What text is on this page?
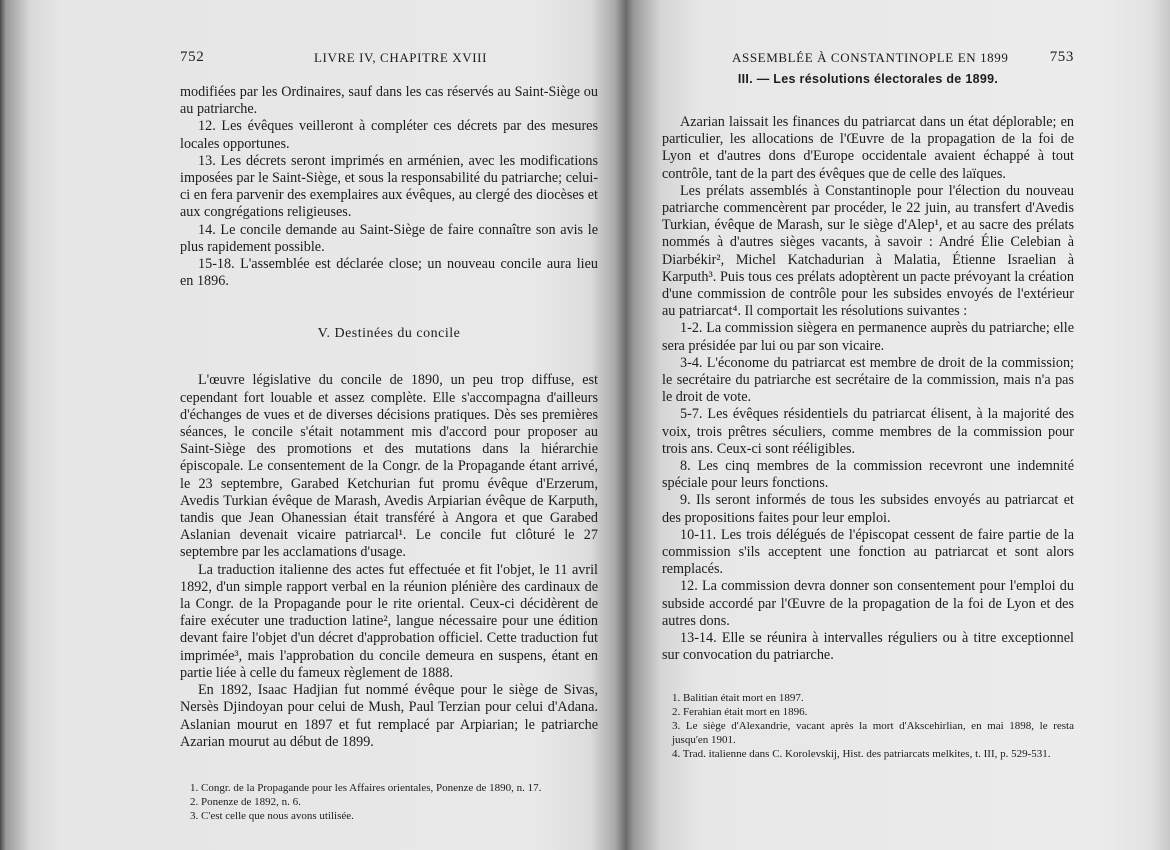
752	LIVRE IV, CHAPITRE XVIII

modifiées par les Ordinaires, sauf dans les cas réservés au Saint-Siège ou au patriarche.

12. Les évêques veilleront à compléter ces décrets par des mesures locales opportunes.

13. Les décrets seront imprimés en arménien, avec les modifications imposées par le Saint-Siège, et sous la responsabilité du patriarche; celui-ci en fera parvenir des exemplaires aux évêques, au clergé des diocèses et aux congrégations religieuses.

14. Le concile demande au Saint-Siège de faire connaître son avis le plus rapidement possible.

15-18. L'assemblée est déclarée close; un nouveau concile aura lieu en 1896.

V. Destinées du concile

L'œuvre législative du concile de 1890, un peu trop diffuse, est cependant fort louable et assez complète. Elle s'accompagna d'ailleurs d'échanges de vues et de diverses décisions pratiques. Dès ses premières séances, le concile s'était notamment mis d'accord pour proposer au Saint-Siège des promotions et des mutations dans la hiérarchie épiscopale. Le consentement de la Congr. de la Propagande étant arrivé, le 23 septembre, Garabed Ketchurian fut promu évêque d'Erzerum, Avedis Turkian évêque de Marash, Avedis Arpiarian évêque de Karputh, tandis que Jean Ohanessian était transféré à Angora et que Garabed Aslanian devenait vicaire patriarcal¹. Le concile fut clôturé le 27 septembre par les acclamations d'usage.

La traduction italienne des actes fut effectuée et fit l'objet, le 11 avril 1892, d'un simple rapport verbal en la réunion plénière des cardinaux de la Congr. de la Propagande pour le rite oriental. Ceux-ci décidèrent de faire exécuter une traduction latine², langue nécessaire pour une édition devant faire l'objet d'un décret d'approbation officiel. Cette traduction fut imprimée³, mais l'approbation du concile demeura en suspens, étant en partie liée à celle du fameux règlement de 1888.

En 1892, Isaac Hadjian fut nommé évêque pour le siège de Sivas, Nersès Djindoyan pour celui de Mush, Paul Terzian pour celui d'Adana. Aslanian mourut en 1897 et fut remplacé par Arpiarian; le patriarche Azarian mourut au début de 1899.

1. Congr. de la Propagande pour les Affaires orientales, Ponenze de 1890, n. 17.
2. Ponenze de 1892, n. 6.
3. C'est celle que nous avons utilisée.
ASSEMBLÉE À CONSTANTINOPLE EN 1899	753
III. — Les résolutions électorales de 1899.

Azarian laissait les finances du patriarcat dans un état déplorable; en particulier, les allocations de l'Œuvre de la propagation de la foi de Lyon et d'autres dons d'Europe occidentale avaient échappé à tout contrôle, tant de la part des évêques que de celle des laïques.

Les prélats assemblés à Constantinople pour l'élection du nouveau patriarche commencèrent par procéder, le 22 juin, au transfert d'Avedis Turkian, évêque de Marash, sur le siège d'Alep¹, et au sacre des prélats nommés à d'autres sièges vacants, à savoir : André Élie Celebian à Diarbékir², Michel Katchadurian à Malatia, Étienne Israelian à Karputh³. Puis tous ces prélats adoptèrent un pacte prévoyant la création d'une commission de contrôle pour les subsides envoyés de l'extérieur au patriarcat⁴. Il comportait les résolutions suivantes :

1-2. La commission siègera en permanence auprès du patriarche; elle sera présidée par lui ou par son vicaire.

3-4. L'économe du patriarcat est membre de droit de la commission; le secrétaire du patriarche est secrétaire de la commission, mais n'a pas le droit de vote.

5-7. Les évêques résidentiels du patriarcat élisent, à la majorité des voix, trois prêtres séculiers, comme membres de la commission pour trois ans. Ceux-ci sont rééligibles.

8. Les cinq membres de la commission recevront une indemnité spéciale pour leurs fonctions.

9. Ils seront informés de tous les subsides envoyés au patriarcat et des propositions faites pour leur emploi.

10-11. Les trois délégués de l'épiscopat cessent de faire partie de la commission s'ils acceptent une fonction au patriarcat et sont alors remplacés.

12. La commission devra donner son consentement pour l'emploi du subside accordé par l'Œuvre de la propagation de la foi de Lyon et des autres dons.

13-14. Elle se réunira à intervalles réguliers ou à titre exceptionnel sur convocation du patriarche.

1. Balitian était mort en 1897.
2. Ferahian était mort en 1896.
3. Le siège d'Alexandrie, vacant après la mort d'Akscehirlian, en mai 1898, le resta jusqu'en 1901.
4. Trad. italienne dans C. Korolevskij, Hist. des patriarcats melkites, t. III, p. 529-531.
